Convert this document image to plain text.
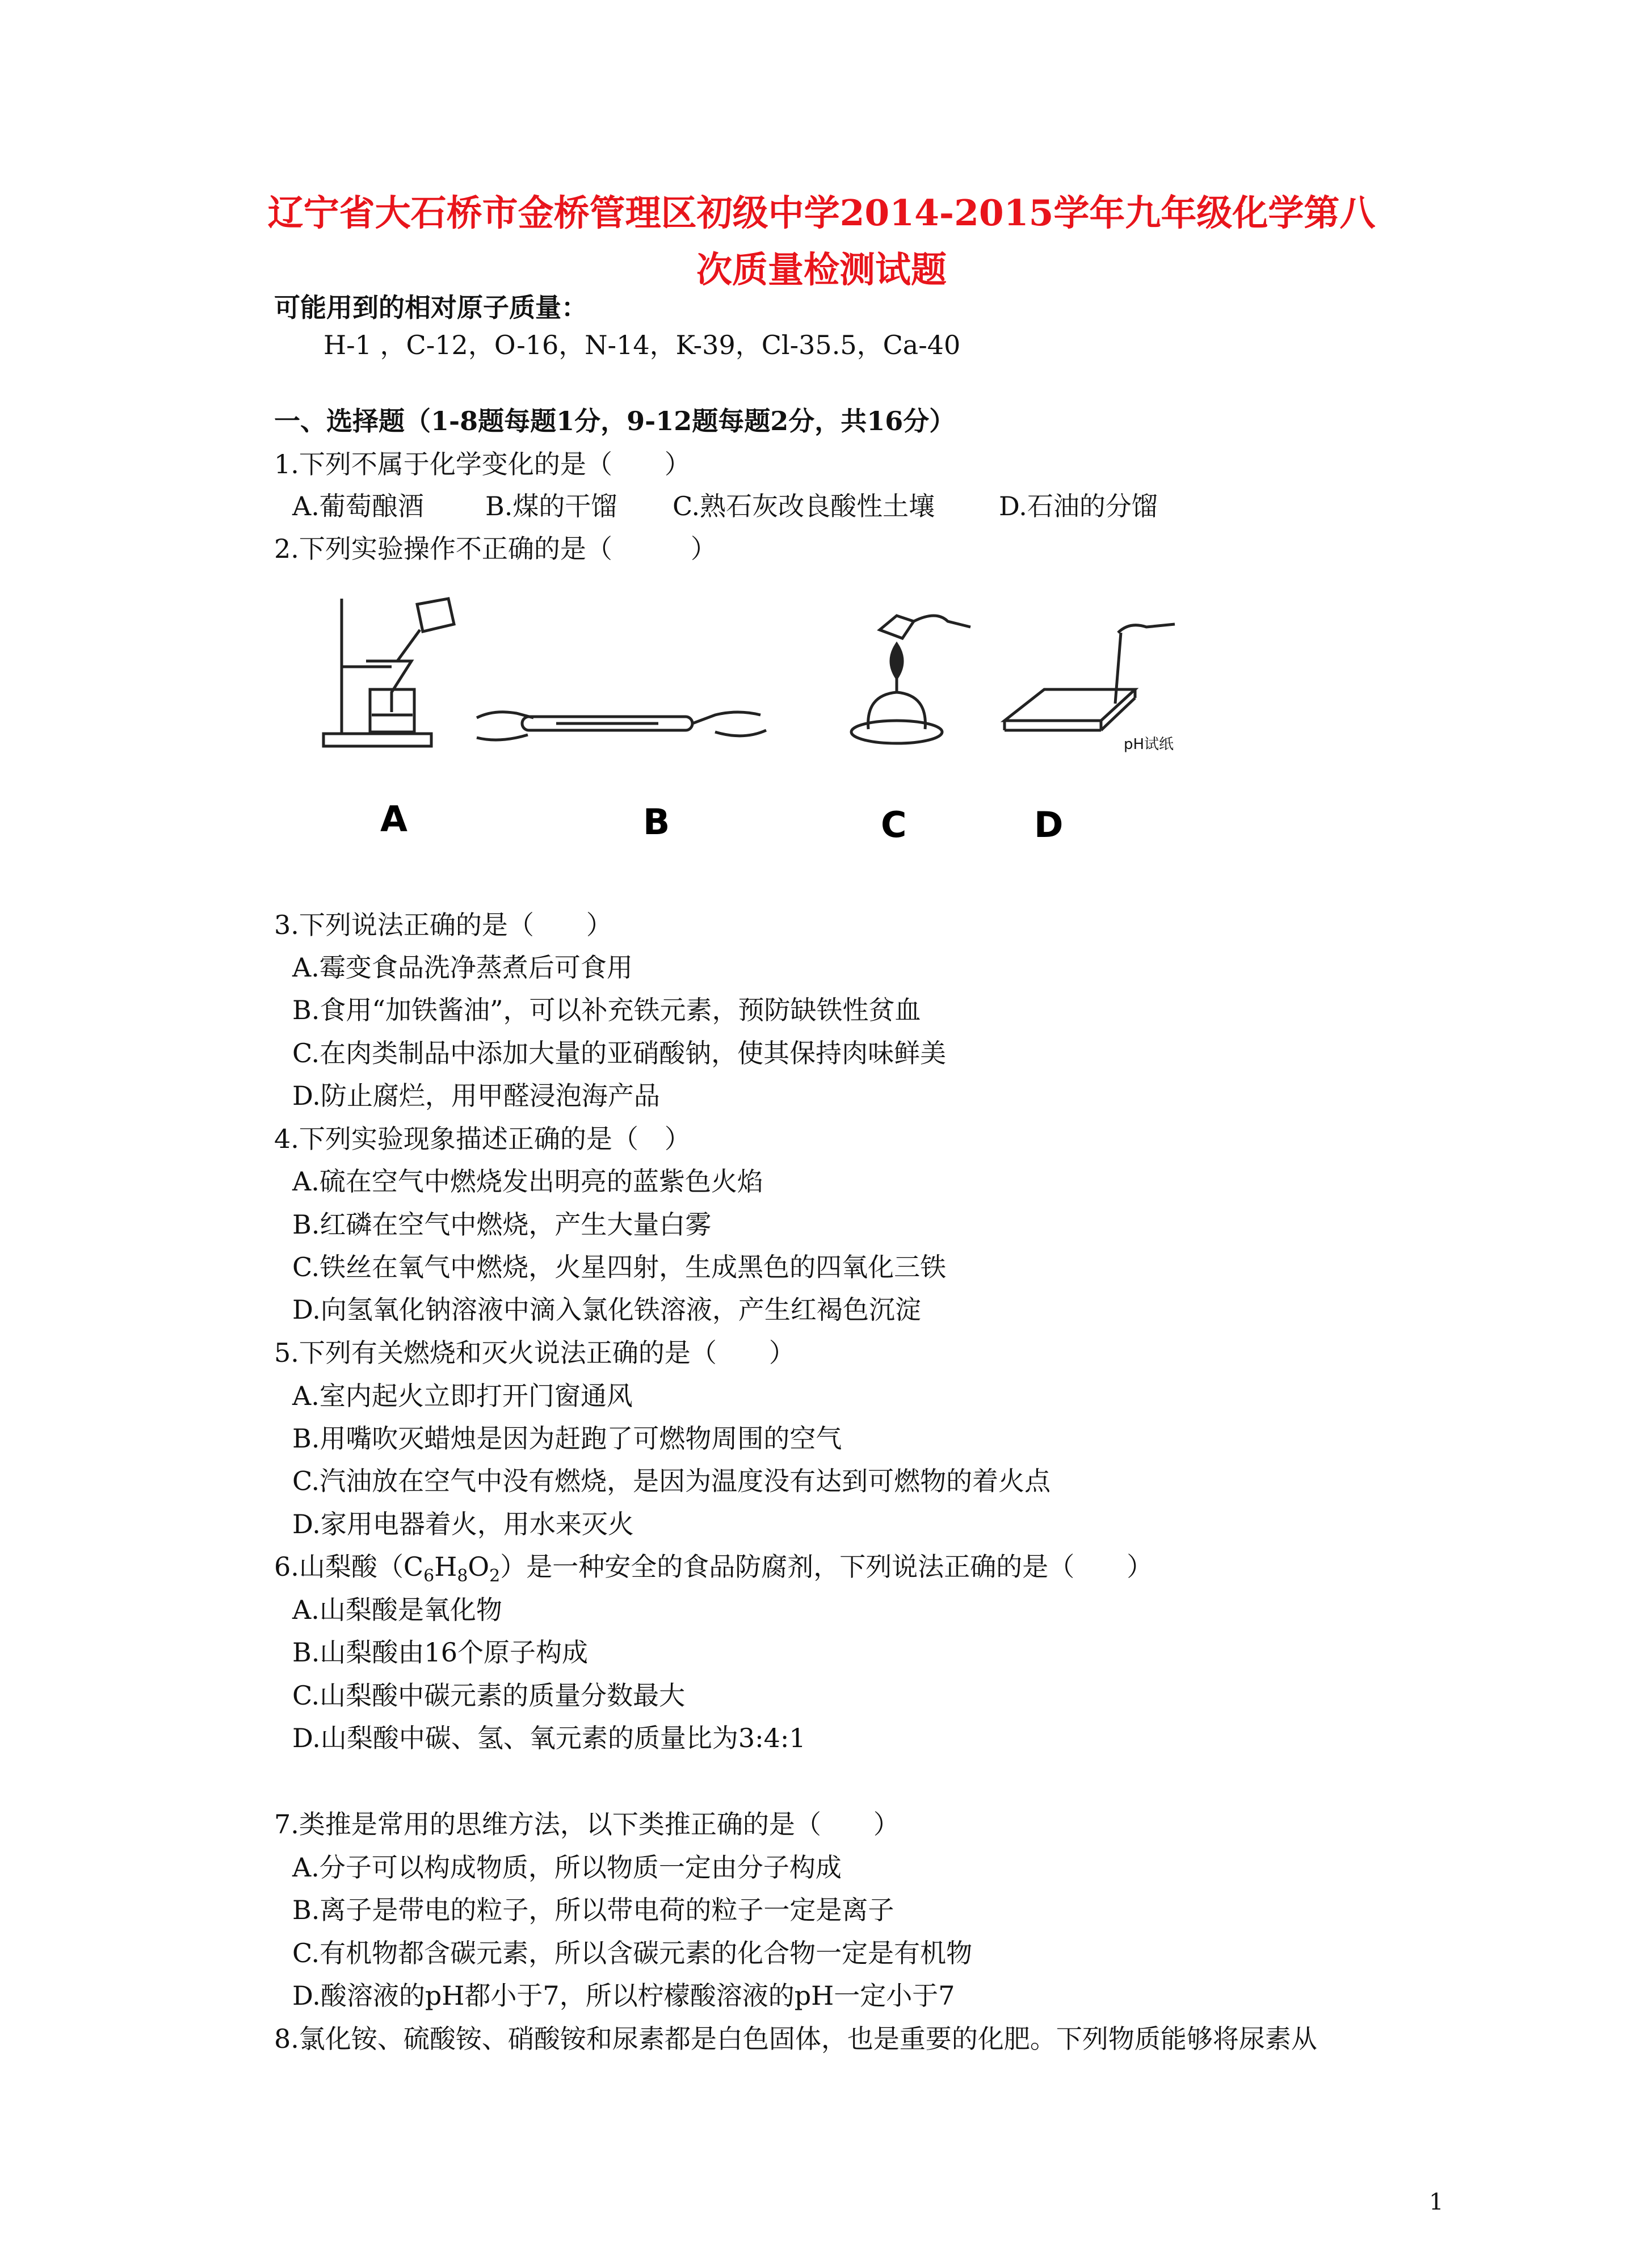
辽宁省大石桥市金桥管理区初级中学2014-2015学年九年级化学第八
次质量检测试题
可能用到的相对原子质量：
H-1 ，C-12，O-16，N-14，K-39，Cl-35.5，Ca-40
一、选择题（1-8题每题1分，9-12题每题2分，共16分）
1.下列不属于化学变化的是（　　）
A.葡萄酿酒	B.煤的干馏	C.熟石灰改良酸性土壤	D.石油的分馏
2.下列实验操作不正确的是（　　　）
pH试纸
A	B	C	D
3.下列说法正确的是（　　）
A.霉变食品洗净蒸煮后可食用
B.食用“加铁酱油”，可以补充铁元素，预防缺铁性贫血
C.在肉类制品中添加大量的亚硝酸钠，使其保持肉味鲜美
D.防止腐烂，用甲醛浸泡海产品
4.下列实验现象描述正确的是（　）
A.硫在空气中燃烧发出明亮的蓝紫色火焰
B.红磷在空气中燃烧，产生大量白雾
C.铁丝在氧气中燃烧，火星四射，生成黑色的四氧化三铁
D.向氢氧化钠溶液中滴入氯化铁溶液，产生红褐色沉淀
5.下列有关燃烧和灭火说法正确的是（　　）
A.室内起火立即打开门窗通风
B.用嘴吹灭蜡烛是因为赶跑了可燃物周围的空气
C.汽油放在空气中没有燃烧，是因为温度没有达到可燃物的着火点
D.家用电器着火，用水来灭火
6.山梨酸$(C_6H_8O_2)$是一种安全的食品防腐剂，下列说法正确的是（　　）
A.山梨酸是氧化物
B.山梨酸由16个原子构成
C.山梨酸中碳元素的质量分数最大
D.山梨酸中碳、氢、氧元素的质量比为3:4:1
7.类推是常用的思维方法，以下类推正确的是（　　）
A.分子可以构成物质，所以物质一定由分子构成
B.离子是带电的粒子，所以带电荷的粒子一定是离子
C.有机物都含碳元素，所以含碳元素的化合物一定是有机物
D.酸溶液的pH都小于7，所以柠檬酸溶液的pH一定小于7
8.氯化铵、硫酸铵、硝酸铵和尿素都是白色固体，也是重要的化肥。下列物质能够将尿素从
1
